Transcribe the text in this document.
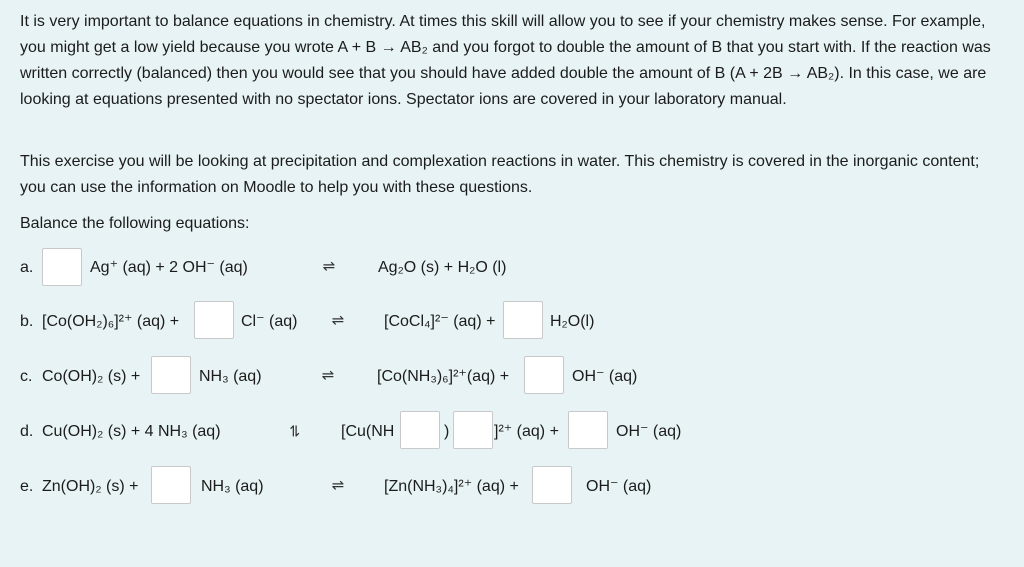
It is very important to balance equations in chemistry. At times this skill will allow you to see if your chemistry makes sense. For example, you might get a low yield because you wrote A + B → AB₂ and you forgot to double the amount of B that you start with. If the reaction was written correctly (balanced) then you would see that you should have added double the amount of B (A + 2B → AB₂). In this case, we are looking at equations presented with no spectator ions. Spectator ions are covered in your laboratory manual.

This exercise you will be looking at precipitation and complexation reactions in water. This chemistry is covered in the inorganic content; you can use the information on Moodle to help you with these questions.

Balance the following equations:

a.	Ag⁺ (aq) + 2 OH⁻ (aq)	⇌	Ag₂O (s) + H₂O (l)
b. [Co(OH₂)₆]²⁺ (aq) +	Cl⁻ (aq) ⇌ [CoCl₄]²⁻ (aq) +	H₂O(l)
c. Co(OH)₂ (s) +	NH₃ (aq)	⇌	[Co(NH₃)₆]²⁺(aq) +	OH⁻ (aq)
d. Cu(OH)₂ (s) + 4 NH₃ (aq)	⇌ [Cu(NH	)	]²⁺ (aq) +	OH⁻ (aq)
e. Zn(OH)₂ (s) +	NH₃ (aq)	⇌ [Zn(NH₃)₄]²⁺ (aq) +	OH⁻ (aq)
